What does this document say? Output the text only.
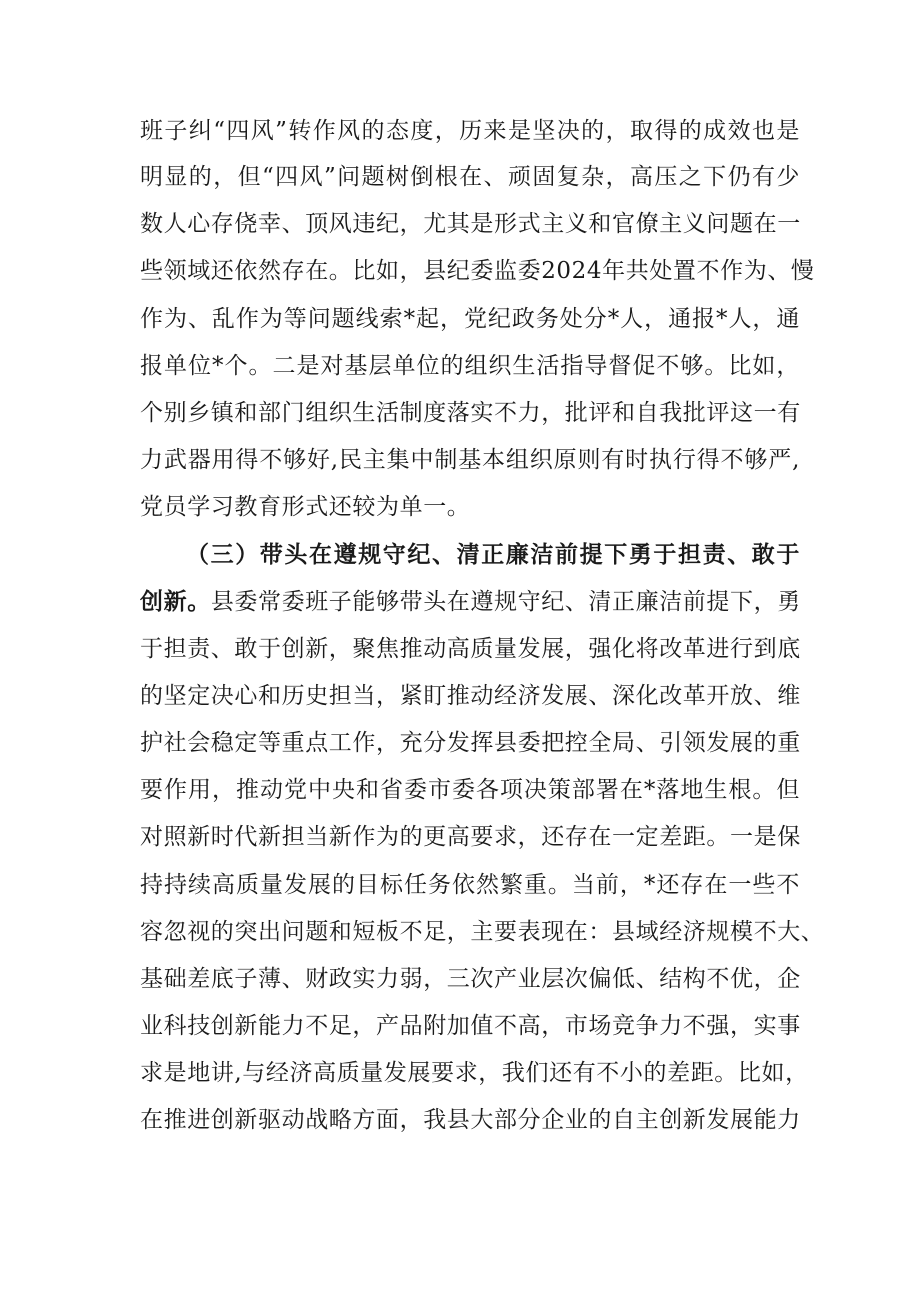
班子纠“四风”转作风的态度，历来是坚决的，取得的成效也是
明显的，但“四风”问题树倒根在、顽固复杂，高压之下仍有少
数人心存侥幸、顶风违纪，尤其是形式主义和官僚主义问题在一
些领域还依然存在。比如，县纪委监委2024年共处置不作为、慢
作为、乱作为等问题线索*起，党纪政务处分*人，通报*人，通
报单位*个。二是对基层单位的组织生活指导督促不够。比如，
个别乡镇和部门组织生活制度落实不力，批评和自我批评这一有
力武器用得不够好,民主集中制基本组织原则有时执行得不够严,
党员学习教育形式还较为单一。
（三）带头在遵规守纪、清正廉洁前提下勇于担责、敢于
创新。县委常委班子能够带头在遵规守纪、清正廉洁前提下，勇
于担责、敢于创新，聚焦推动高质量发展，强化将改革进行到底
的坚定决心和历史担当，紧盯推动经济发展、深化改革开放、维
护社会稳定等重点工作，充分发挥县委把控全局、引领发展的重
要作用，推动党中央和省委市委各项决策部署在*落地生根。但
对照新时代新担当新作为的更高要求，还存在一定差距。一是保
持持续高质量发展的目标任务依然繁重。当前，*还存在一些不
容忽视的突出问题和短板不足，主要表现在：县域经济规模不大、
基础差底子薄、财政实力弱，三次产业层次偏低、结构不优，企
业科技创新能力不足，产品附加值不高，市场竞争力不强，实事
求是地讲,与经济高质量发展要求，我们还有不小的差距。比如，
在推进创新驱动战略方面，我县大部分企业的自主创新发展能力
